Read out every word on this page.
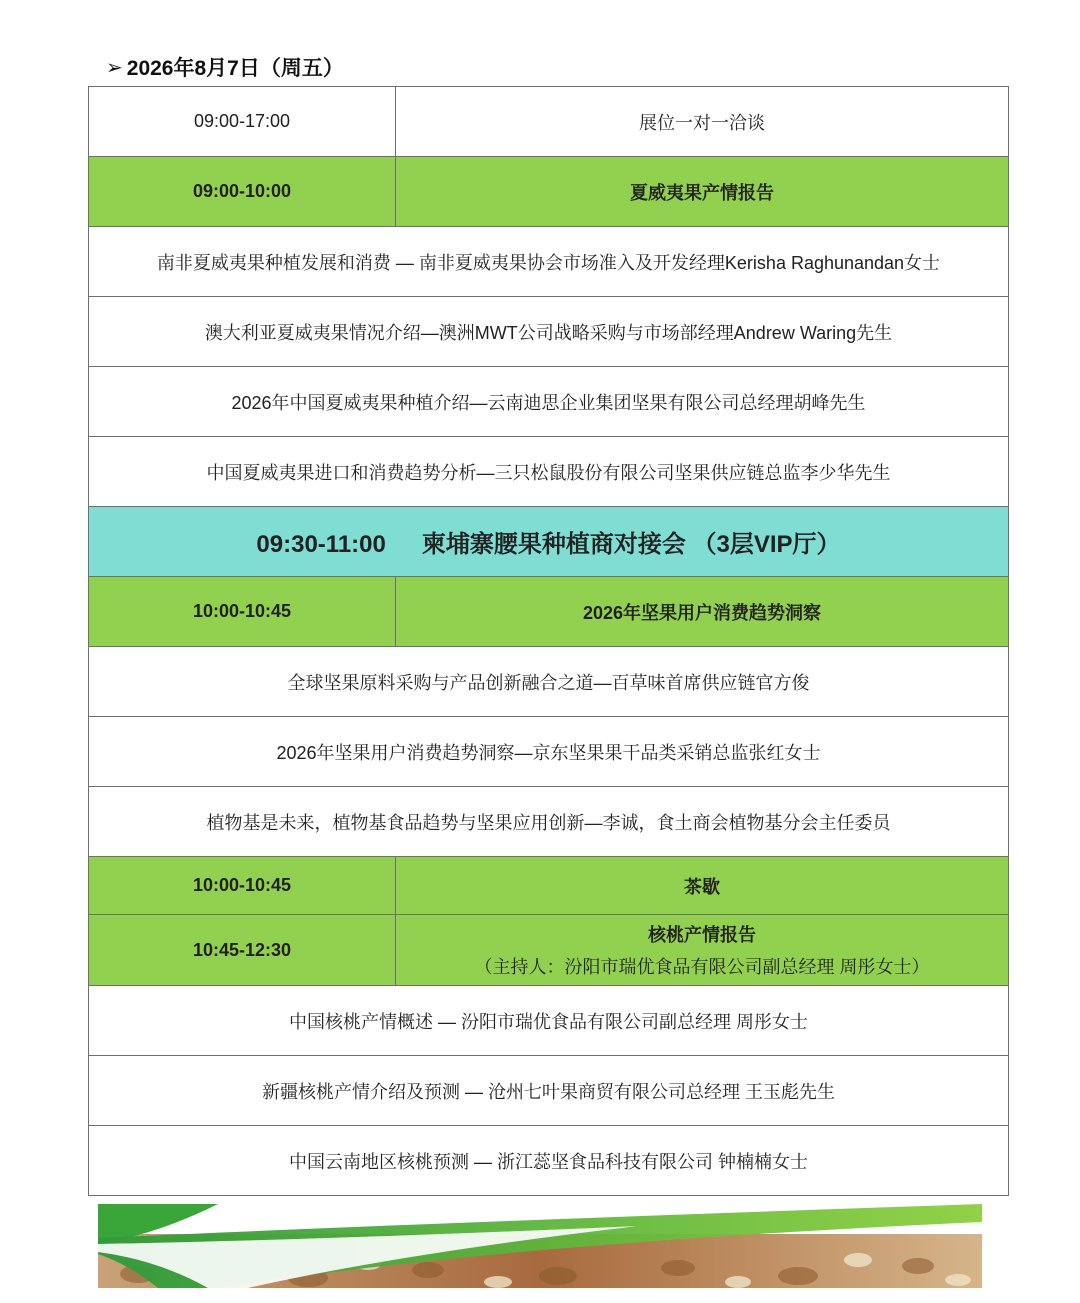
➢ 2026年8月7日（周五）
09:00-17:00	展位一对一洽谈
09:00-10:00	夏威夷果产情报告
南非夏威夷果种植发展和消费 — 南非夏威夷果协会市场准入及开发经理Kerisha Raghunandan女士	
澳大利亚夏威夷果情况介绍—澳洲MWT公司战略采购与市场部经理Andrew Waring先生	
2026年中国夏威夷果种植介绍—云南迪思企业集团坚果有限公司总经理胡峰先生	
中国夏威夷果进口和消费趋势分析—三只松鼠股份有限公司坚果供应链总监李少华先生	
09:30-11:00 柬埔寨腰果种植商对接会 （3层VIP厅）	
10:00-10:45	2026年坚果用户消费趋势洞察
全球坚果原料采购与产品创新融合之道—百草味首席供应链官方俊	
2026年坚果用户消费趋势洞察—京东坚果果干品类采销总监张红女士	
植物基是未来，植物基食品趋势与坚果应用创新—李诚，食土商会植物基分会主任委员	
10:00-10:45	茶歇
10:45-12:30	核桃产情报告
（主持人：汾阳市瑞优食品有限公司副总经理 周彤女士）

中国核桃产情概述 — 汾阳市瑞优食品有限公司副总经理 周彤女士	
新疆核桃产情介绍及预测 — 沧州七叶果商贸有限公司总经理 王玉彪先生	
中国云南地区核桃预测 — 浙江蕊坚食品科技有限公司 钟楠楠女士	
